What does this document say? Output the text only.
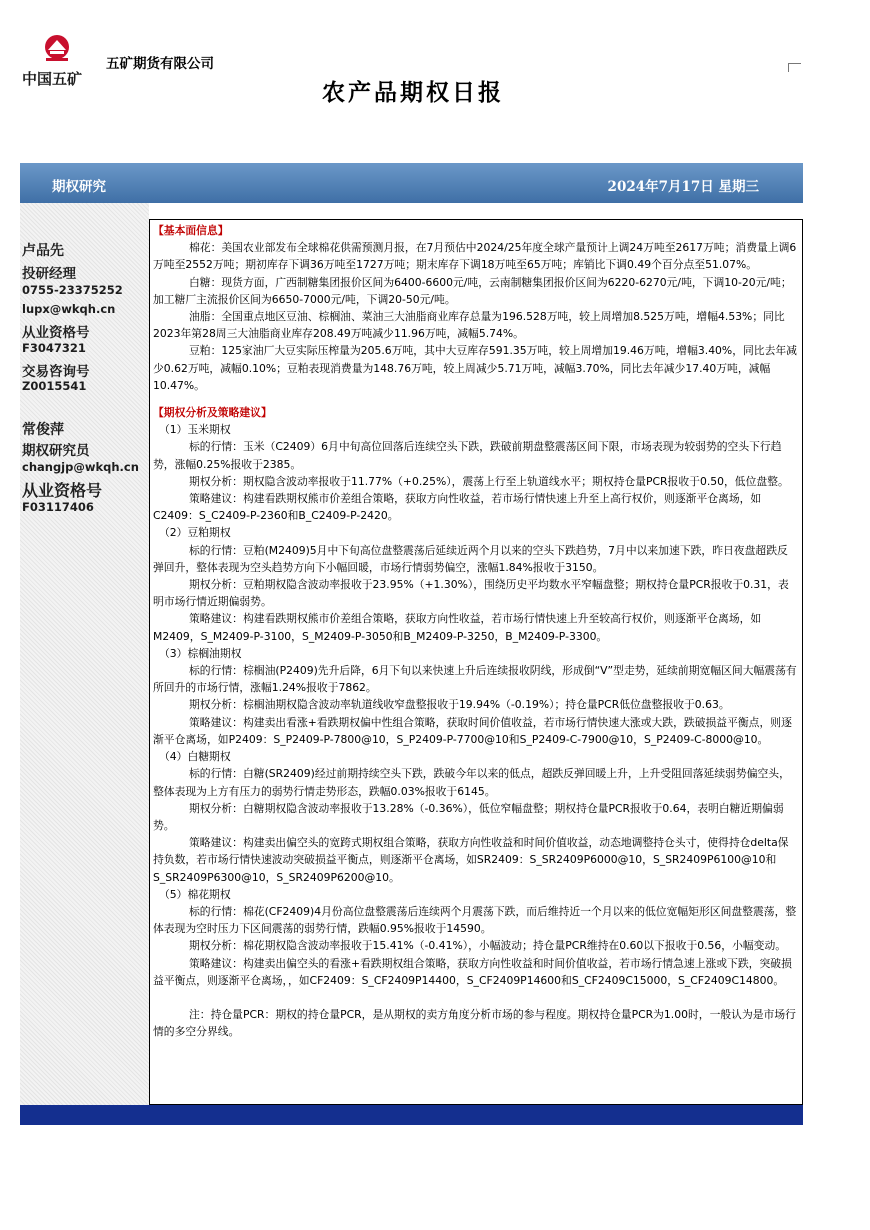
中国五矿
五矿期货有限公司
农产品期权日报
期权研究	2024年7月17日 星期三
卢品先
投研经理
0755-23375252
lupx@wkqh.cn
从业资格号
F3047321
交易咨询号
Z0015541
常俊萍
期权研究员
changjp@wkqh.cn
从业资格号
F03117406

【基本面信息】

棉花：美国农业部发布全球棉花供需预测月报，在7月预估中2024/25年度全球产量预计上调24万吨至2617万吨；消费量上调6万吨至2552万吨；期初库存下调36万吨至1727万吨；期末库存下调18万吨至65万吨；库销比下调0.49个百分点至51.07%。

白糖：现货方面，广西制糖集团报价区间为6400-6600元/吨，云南制糖集团报价区间为6220-6270元/吨，下调10-20元/吨；加工糖厂主流报价区间为6650-7000元/吨，下调20-50元/吨。

油脂：全国重点地区豆油、棕榈油、菜油三大油脂商业库存总量为196.528万吨，较上周增加8.525万吨，增幅4.53%；同比2023年第28周三大油脂商业库存208.49万吨减少11.96万吨，减幅5.74%。

豆粕：125家油厂大豆实际压榨量为205.6万吨，其中大豆库存591.35万吨，较上周增加19.46万吨，增幅3.40%，同比去年减少0.62万吨，减幅0.10%；豆粕表现消费量为148.76万吨，较上周减少5.71万吨，减幅3.70%，同比去年减少17.40万吨，减幅10.47%。

【期权分析及策略建议】

（1）玉米期权

标的行情：玉米（C2409）6月中旬高位回落后连续空头下跌，跌破前期盘整震荡区间下限，市场表现为较弱势的空头下行趋势，涨幅0.25%报收于2385。

期权分析：期权隐含波动率报收于11.77%（+0.25%），震荡上行至上轨道线水平；期权持仓量PCR报收于0.50，低位盘整。

策略建议：构建看跌期权熊市价差组合策略，获取方向性收益，若市场行情快速上升至上高行权价，则逐渐平仓离场，如C2409：S_C2409-P-2360和B_C2409-P-2420。

（2）豆粕期权

标的行情：豆粕(M2409)5月中下旬高位盘整震荡后延续近两个月以来的空头下跌趋势，7月中以来加速下跌，昨日夜盘超跌反弹回升，整体表现为空头趋势方向下小幅回暖，市场行情弱势偏空，涨幅1.84%报收于3150。

期权分析：豆粕期权隐含波动率报收于23.95%（+1.30%），围绕历史平均数水平窄幅盘整；期权持仓量PCR报收于0.31，表明市场行情近期偏弱势。

策略建议：构建看跌期权熊市价差组合策略，获取方向性收益，若市场行情快速上升至较高行权价，则逐渐平仓离场，如M2409，S_M2409-P-3100，S_M2409-P-3050和B_M2409-P-3250，B_M2409-P-3300。

（3）棕榈油期权

标的行情：棕榈油(P2409)先升后降，6月下旬以来快速上升后连续报收阴线，形成倒“V”型走势，延续前期宽幅区间大幅震荡有所回升的市场行情，涨幅1.24%报收于7862。

期权分析：棕榈油期权隐含波动率轨道线收窄盘整报收于19.94%（-0.19%）；持仓量PCR低位盘整报收于0.63。

策略建议：构建卖出看涨+看跌期权偏中性组合策略，获取时间价值收益，若市场行情快速大涨或大跌，跌破损益平衡点，则逐渐平仓离场，如P2409：S_P2409-P-7800@10，S_P2409-P-7700@10和S_P2409-C-7900@10，S_P2409-C-8000@10。

（4）白糖期权

标的行情：白糖(SR2409)经过前期持续空头下跌，跌破今年以来的低点，超跌反弹回暖上升，上升受阻回落延续弱势偏空头，整体表现为上方有压力的弱势行情走势形态，跌幅0.03%报收于6145。

期权分析：白糖期权隐含波动率报收于13.28%（-0.36%），低位窄幅盘整；期权持仓量PCR报收于0.64，表明白糖近期偏弱势。

策略建议：构建卖出偏空头的宽跨式期权组合策略，获取方向性收益和时间价值收益，动态地调整持仓头寸，使得持仓delta保持负数，若市场行情快速波动突破损益平衡点，则逐渐平仓离场，如SR2409：S_SR2409P6000@10，S_SR2409P6100@10和S_SR2409P6300@10，S_SR2409P6200@10。

（5）棉花期权

标的行情：棉花(CF2409)4月份高位盘整震荡后连续两个月震荡下跌，而后维持近一个月以来的低位宽幅矩形区间盘整震荡，整体表现为空时压力下区间震荡的弱势行情，跌幅0.95%报收于14590。

期权分析：棉花期权隐含波动率报收于15.41%（-0.41%），小幅波动；持仓量PCR维持在0.60以下报收于0.56，小幅变动。

策略建议：构建卖出偏空头的看涨+看跌期权组合策略，获取方向性收益和时间价值收益，若市场行情急速上涨或下跌，突破损益平衡点，则逐渐平仓离场，，如CF2409：S_CF2409P14400，S_CF2409P14600和S_CF2409C15000，S_CF2409C14800。

注：持仓量PCR：期权的持仓量PCR，是从期权的卖方角度分析市场的参与程度。期权持仓量PCR为1.00时，一般认为是市场行情的多空分界线。
